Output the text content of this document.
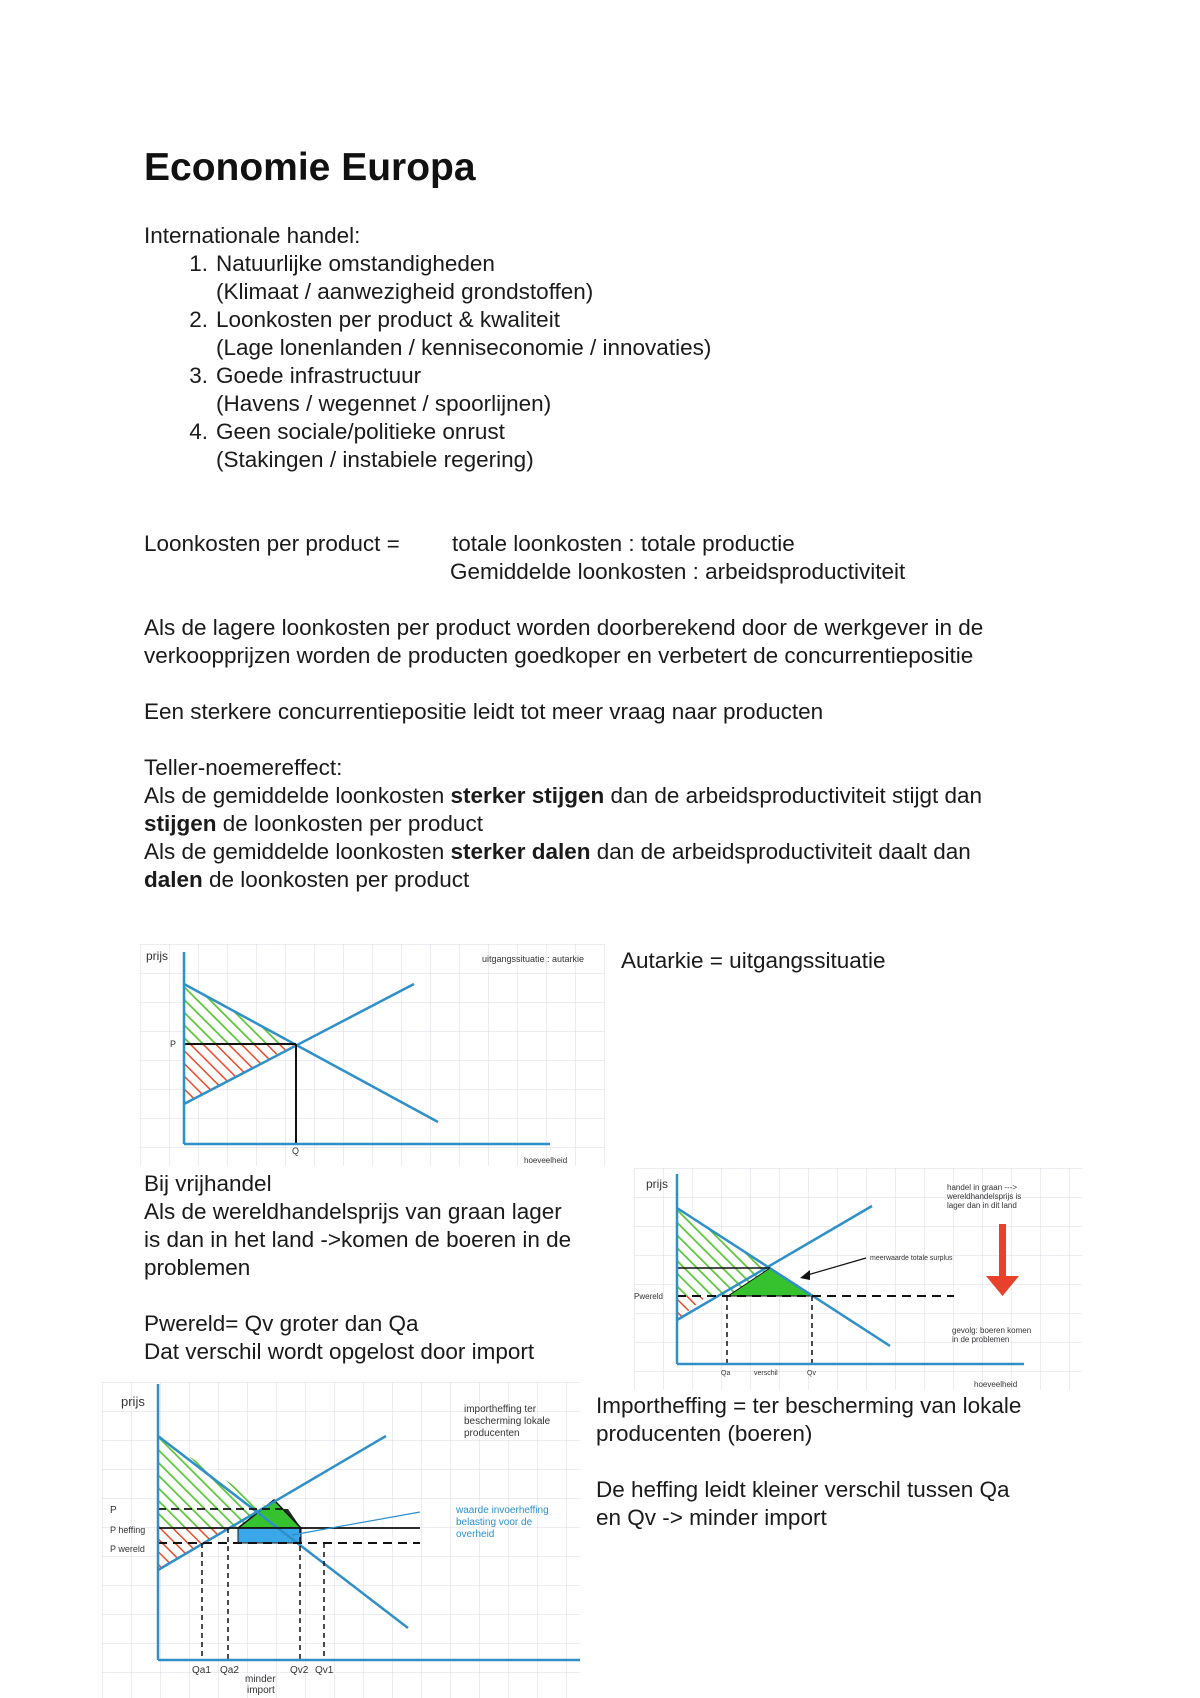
Economie Europa
Internationale handel:
1. Natuurlijke omstandigheden
(Klimaat / aanwezigheid grondstoffen)
2. Loonkosten per product & kwaliteit
(Lage lonenlanden / kenniseconomie / innovaties)
3. Goede infrastructuur
(Havens / wegennet / spoorlijnen)
4. Geen sociale/politieke onrust
(Stakingen / instabiele regering)
Loonkosten per product = totale loonkosten : totale productie
Gemiddelde loonkosten : arbeidsproductiviteit
Als de lagere loonkosten per product worden doorberekend door de werkgever in de
verkoopprijzen worden de producten goedkoper en verbetert de concurrentiepositie
Een sterkere concurrentiepositie leidt tot meer vraag naar producten
Teller-noemereffect:
Als de gemiddelde loonkosten sterker stijgen dan de arbeidsproductiviteit stijgt dan
stijgen de loonkosten per product
Als de gemiddelde loonkosten sterker dalen dan de arbeidsproductiviteit daalt dan
dalen de loonkosten per product
prijs	uitgangssituatie : autarkie
P
Q
hoeveelheid
Autarkie = uitgangssituatie
Bij vrijhandel
Als de wereldhandelsprijs van graan lager
is dan in het land ->komen de boeren in de
problemen
Pwereld= Qv groter dan Qa
Dat verschil wordt opgelost door import
prijs
Pwereld
handel in graan --->
wereldhandelsprijs is
lager dan in dit land
meerwaarde totale surplus
gevolg: boeren komen
in de problemen
Qa	verschil	Qv
hoeveelheid
prijs
P
P heffing
P wereld
importheffing ter
bescherming lokale
producenten
waarde invoerheffing
belasting voor de
overheid
Qa1 Qa2	Qv2 Qv1
minder
import
Importheffing = ter bescherming van lokale
producenten (boeren)
De heffing leidt kleiner verschil tussen Qa
en Qv -> minder import
